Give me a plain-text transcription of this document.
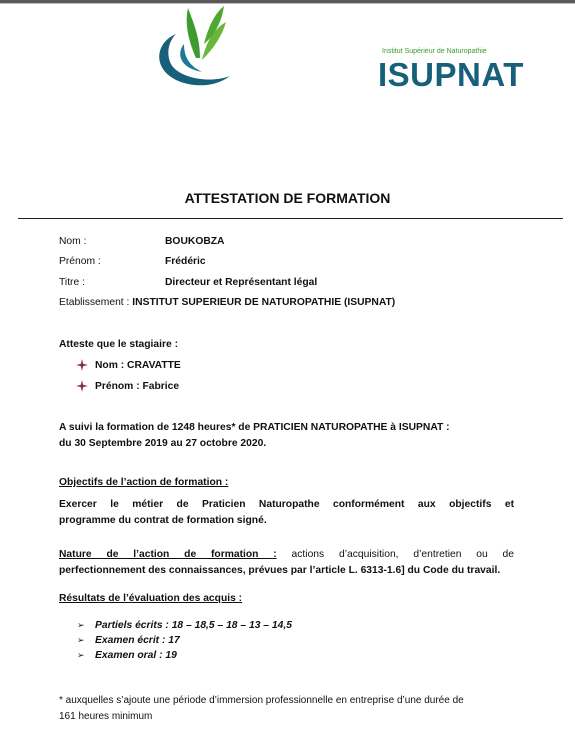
Institut Supérieur de Naturopathie
ISUPNAT
ATTESTATION DE FORMATION
Nom :	BOUKOBZA
Prénom :	Frédéric
Titre :	Directeur et Représentant légal
Etablissement : INSTITUT SUPERIEUR DE NATUROPATHIE (ISUPNAT)
Atteste que le stagiaire :
Nom : CRAVATTE
Prénom : Fabrice
A suivi la formation de 1248 heures* de PRATICIEN NATUROPATHE à ISUPNAT :
du 30 Septembre 2019 au 27 octobre 2020.
Objectifs de l’action de formation :
Exercer le métier de Praticien Naturopathe conformément aux objectifs et
programme du contrat de formation signé.
Nature de l’action de formation : actions d’acquisition, d’entretien ou de
perfectionnement des connaissances, prévues par l’article L. 6313-1.6] du Code du travail.
Résultats de l’évaluation des acquis :
➢ Partiels écrits : 18 – 18,5 – 18 – 13 – 14,5
➢ Examen écrit : 17
➢ Examen oral : 19
* auxquelles s’ajoute une période d’immersion professionnelle en entreprise d’une durée de
161 heures minimum
